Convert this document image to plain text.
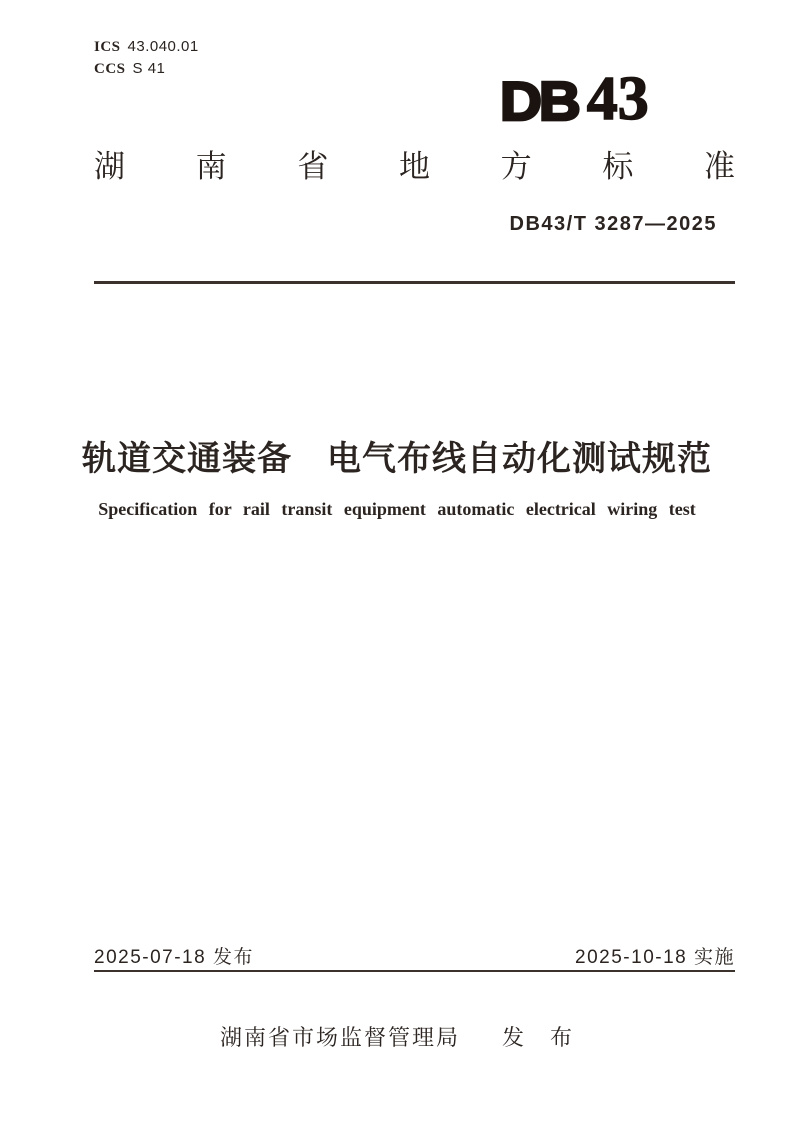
ICS 43.040.01
CCS S 41
DB 43
湖南省地方标准
DB43/T 3287—2025
轨道交通装备　电气布线自动化测试规范
Specification for rail transit equipment automatic electrical wiring test
2025-07-18 发布	2025-10-18 实施
湖南省市场监督管理局 发　布
